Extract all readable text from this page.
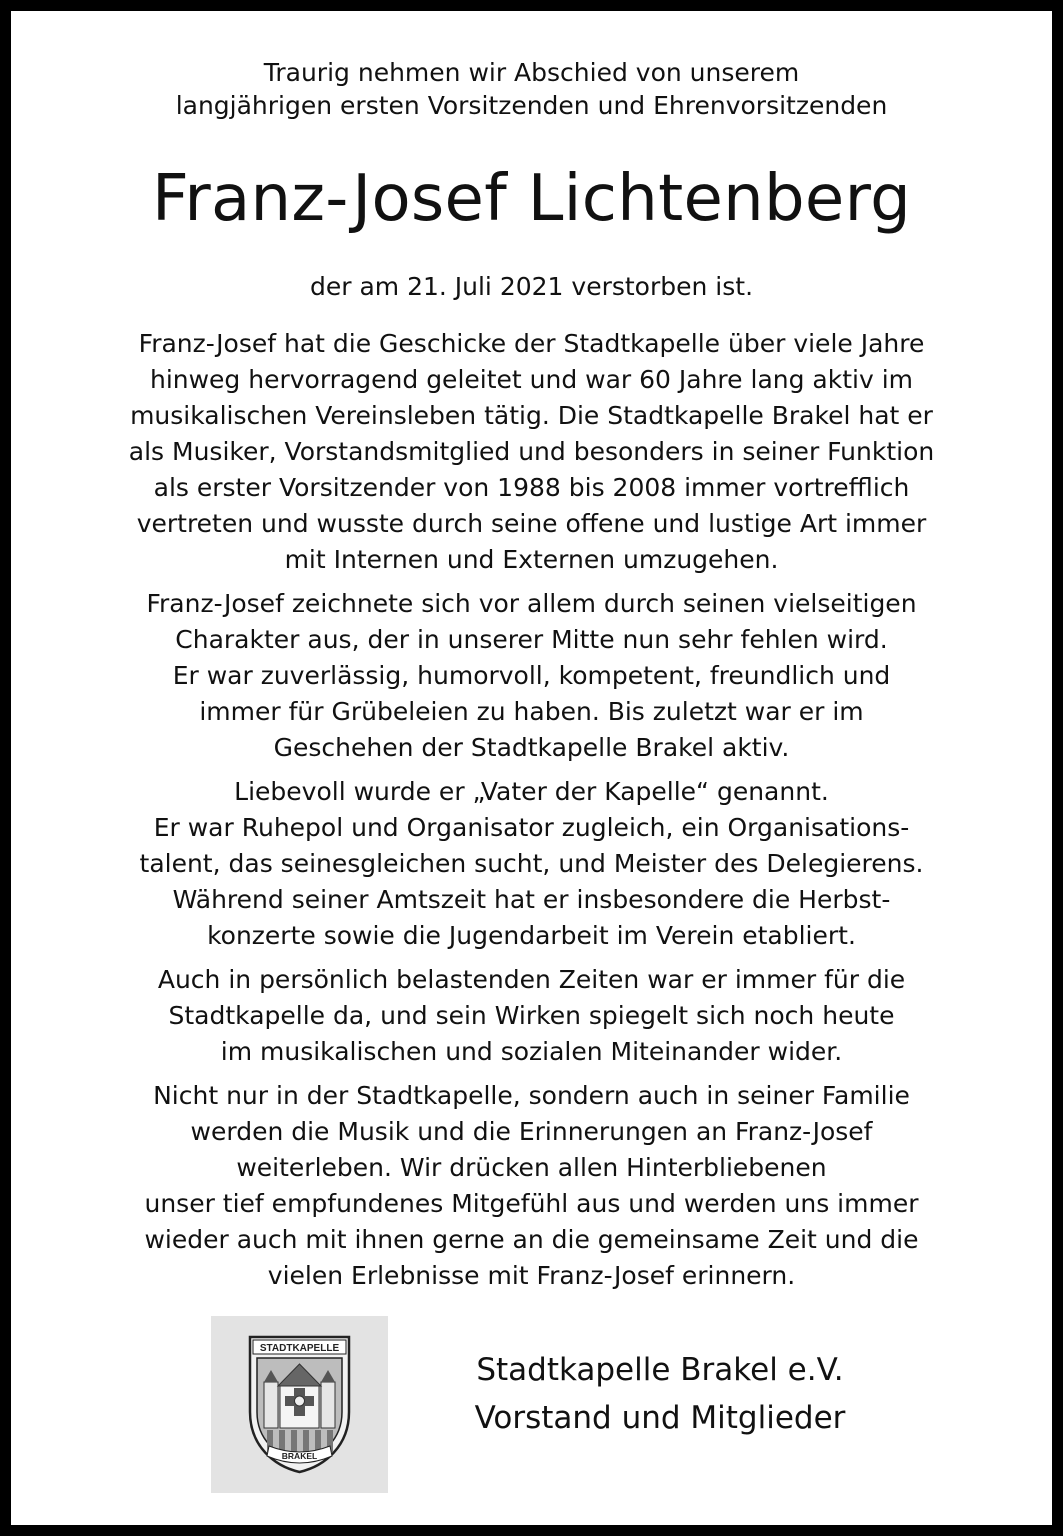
Traurig nehmen wir Abschied von unserem
langjährigen ersten Vorsitzenden und Ehrenvorsitzenden

Franz-Josef Lichtenberg

der am 21. Juli 2021 verstorben ist.

Franz-Josef hat die Geschicke der Stadtkapelle über viele Jahre
hinweg hervorragend geleitet und war 60 Jahre lang aktiv im
musikalischen Vereinsleben tätig. Die Stadtkapelle Brakel hat er
als Musiker, Vorstandsmitglied und besonders in seiner Funktion
als erster Vorsitzender von 1988 bis 2008 immer vortrefflich
vertreten und wusste durch seine offene und lustige Art immer
mit Internen und Externen umzugehen.

Franz-Josef zeichnete sich vor allem durch seinen vielseitigen
Charakter aus, der in unserer Mitte nun sehr fehlen wird.
Er war zuverlässig, humorvoll, kompetent, freundlich und
immer für Grübeleien zu haben. Bis zuletzt war er im
Geschehen der Stadtkapelle Brakel aktiv.

Liebevoll wurde er „Vater der Kapelle“ genannt.
Er war Ruhepol und Organisator zugleich, ein Organisations-
talent, das seinesgleichen sucht, und Meister des Delegierens.
Während seiner Amtszeit hat er insbesondere die Herbst-
konzerte sowie die Jugendarbeit im Verein etabliert.

Auch in persönlich belastenden Zeiten war er immer für die
Stadtkapelle da, und sein Wirken spiegelt sich noch heute
im musikalischen und sozialen Miteinander wider.

Nicht nur in der Stadtkapelle, sondern auch in seiner Familie
werden die Musik und die Erinnerungen an Franz-Josef
weiterleben. Wir drücken allen Hinterbliebenen
unser tief empfundenes Mitgefühl aus und werden uns immer
wieder auch mit ihnen gerne an die gemeinsame Zeit und die
vielen Erlebnisse mit Franz-Josef erinnern.

STADTKAPELLE
BRAKEL

Stadtkapelle Brakel e.V.
Vorstand und Mitglieder
